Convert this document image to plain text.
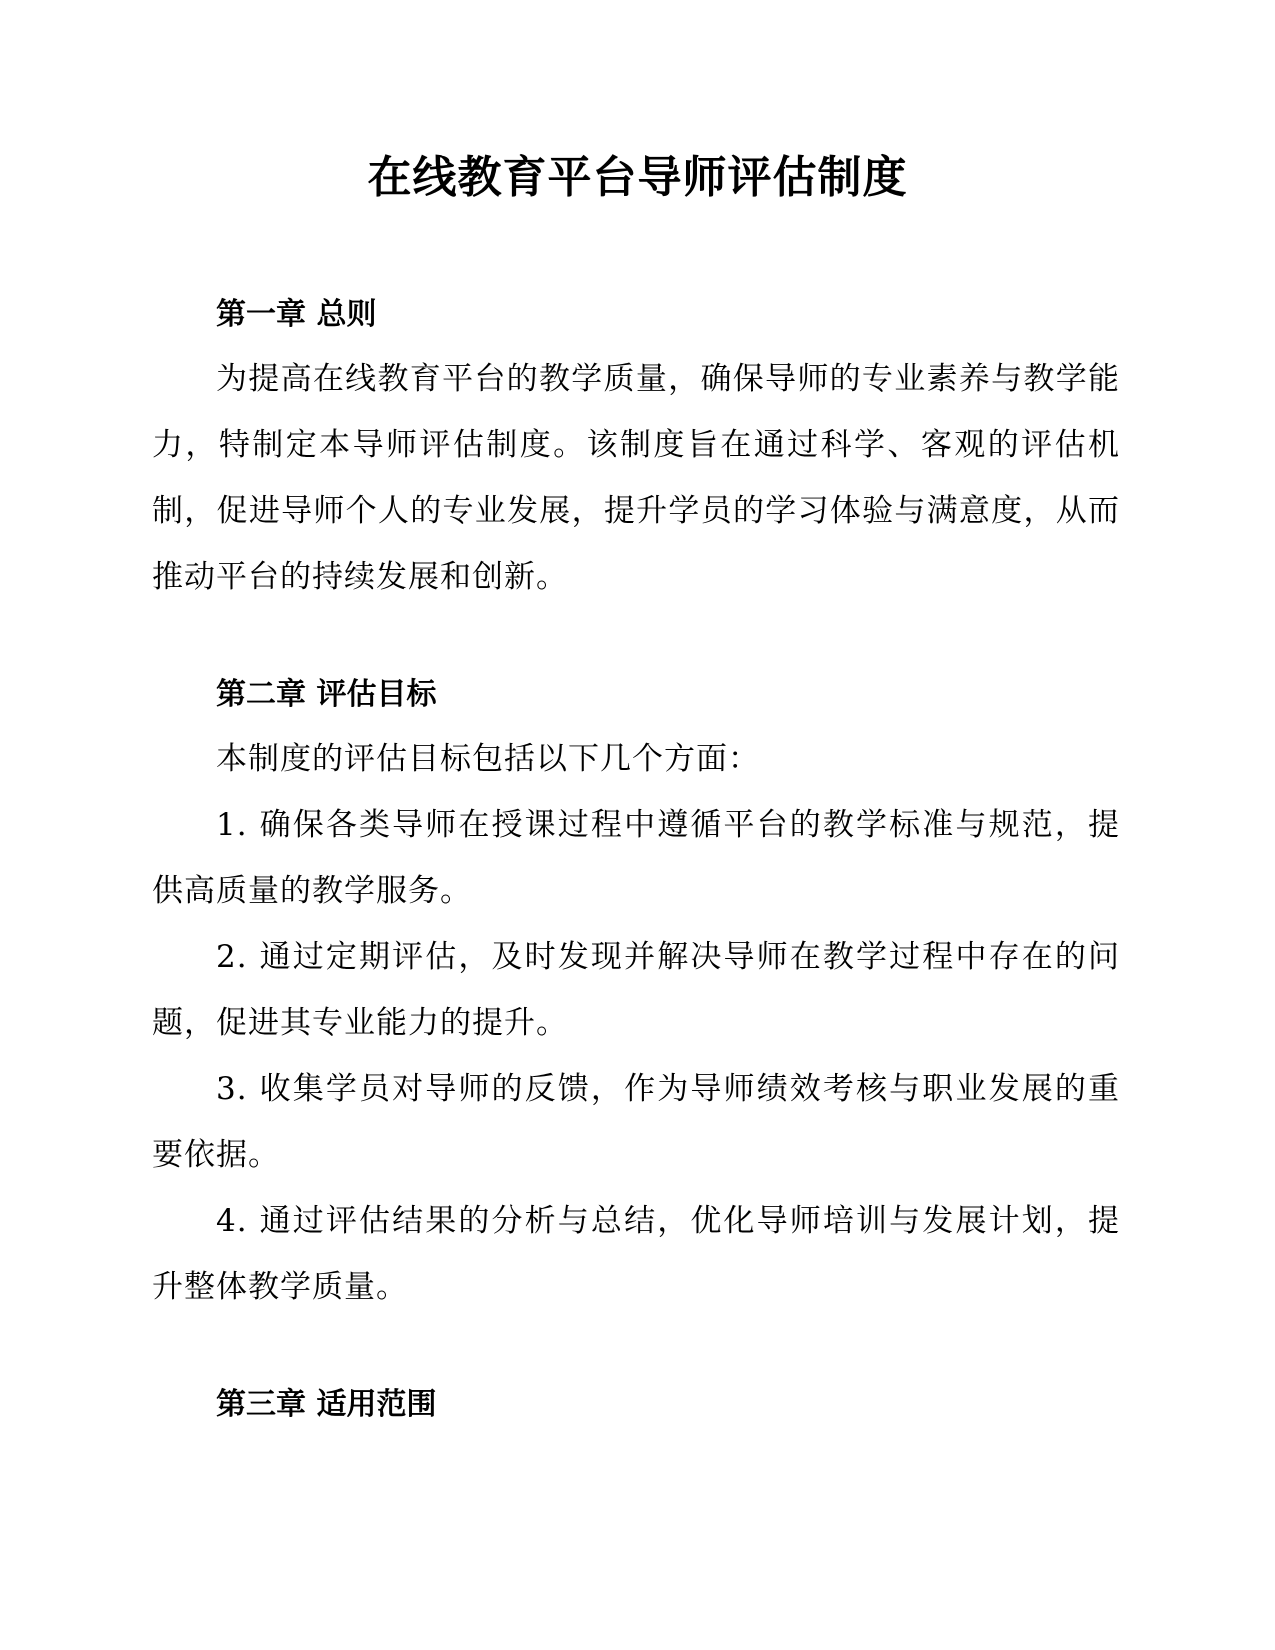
在线教育平台导师评估制度
第一章 总则

为提高在线教育平台的教学质量，确保导师的专业素养与教学能力，特制定本导师评估制度。该制度旨在通过科学、客观的评估机制，促进导师个人的专业发展，提升学员的学习体验与满意度，从而推动平台的持续发展和创新。

第二章 评估目标

本制度的评估目标包括以下几个方面：

1. 确保各类导师在授课过程中遵循平台的教学标准与规范，提供高质量的教学服务。

2. 通过定期评估，及时发现并解决导师在教学过程中存在的问题，促进其专业能力的提升。

3. 收集学员对导师的反馈，作为导师绩效考核与职业发展的重要依据。

4. 通过评估结果的分析与总结，优化导师培训与发展计划，提升整体教学质量。

第三章 适用范围
